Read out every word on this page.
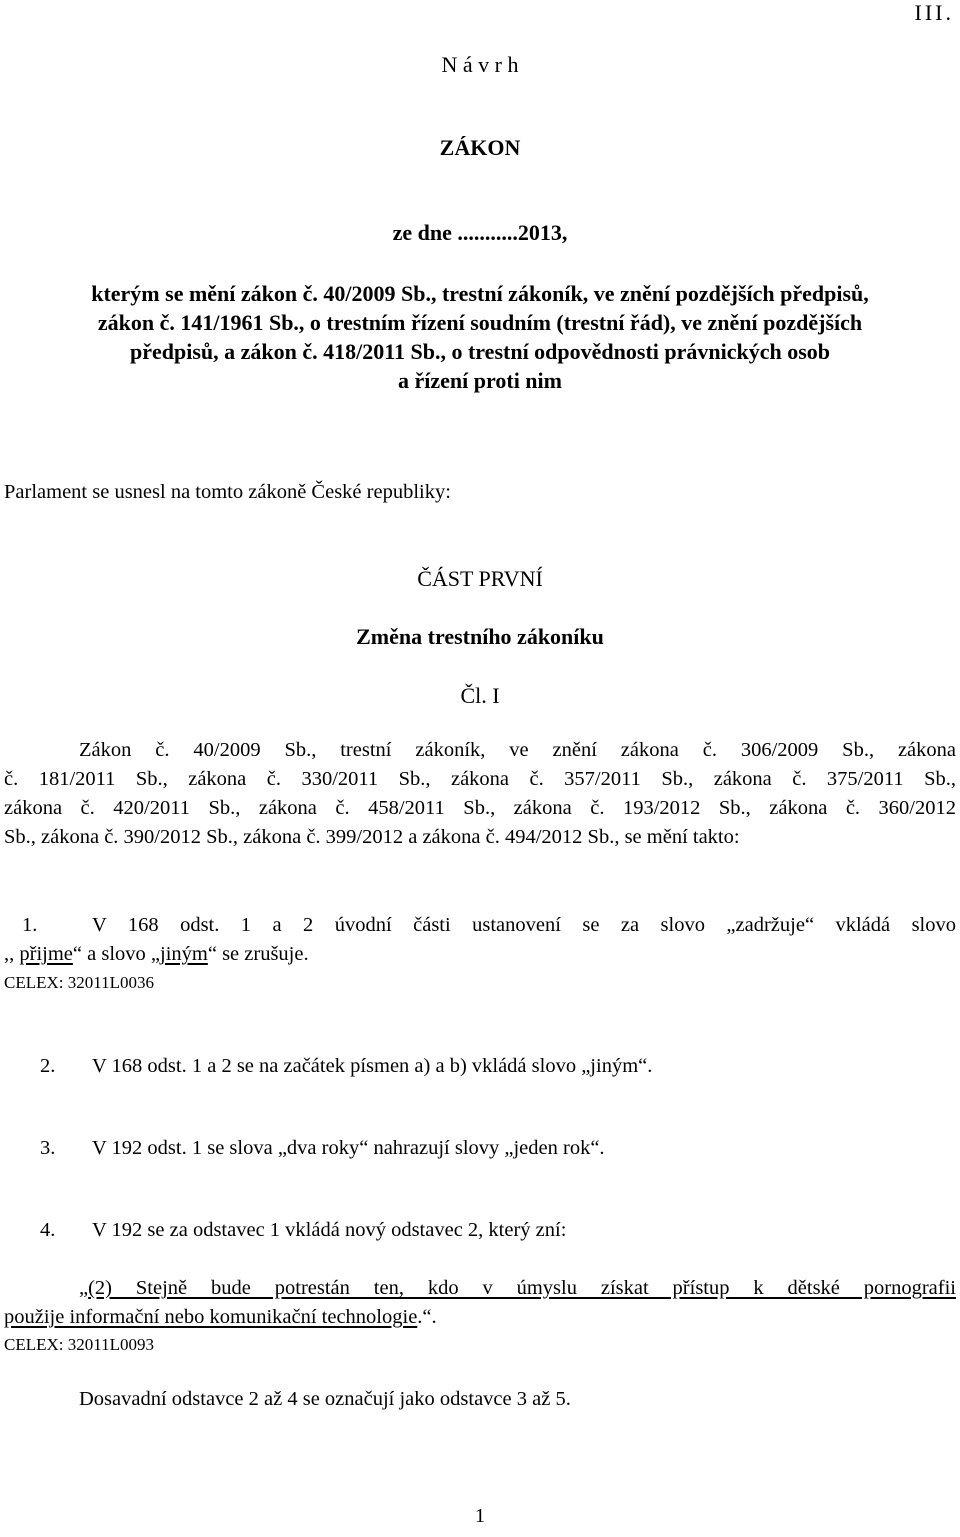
III.
N á v r h
ZÁKON
ze dne ...........2013,
kterým se mění zákon č. 40/2009 Sb., trestní zákoník, ve znění pozdějších předpisů,
zákon č. 141/1961 Sb., o trestním řízení soudním (trestní řád), ve znění pozdějších
předpisů, a zákon č. 418/2011 Sb., o trestní odpovědnosti právnických osob
a řízení proti nim
Parlament se usnesl na tomto zákoně České republiky:
ČÁST PRVNÍ
Změna trestního zákoníku
Čl. I
Zákon č. 40/2009 Sb., trestní zákoník, ve znění zákona č. 306/2009 Sb., zákona
č. 181/2011 Sb., zákona č. 330/2011 Sb., zákona č. 357/2011 Sb., zákona č. 375/2011 Sb.,
zákona č. 420/2011 Sb., zákona č. 458/2011 Sb., zákona č. 193/2012 Sb., zákona č. 360/2012
Sb., zákona č. 390/2012 Sb., zákona č. 399/2012 a zákona č. 494/2012 Sb., se mění takto:
1.	V 168 odst. 1 a 2 úvodní části ustanovení se za slovo „zadržuje“ vkládá slovo
,, přijme“ a slovo „jiným“ se zrušuje.
CELEX: 32011L0036
2. V 168 odst. 1 a 2 se na začátek písmen a) a b) vkládá slovo „jiným“.
3. V 192 odst. 1 se slova „dva roky“ nahrazují slovy „jeden rok“.
4. V 192 se za odstavec 1 vkládá nový odstavec 2, který zní:
„(2) Stejně bude potrestán ten, kdo v úmyslu získat přístup k dětské pornografii
použije informační nebo komunikační technologie.“.
CELEX: 32011L0093
Dosavadní odstavce 2 až 4 se označují jako odstavce 3 až 5.
1
